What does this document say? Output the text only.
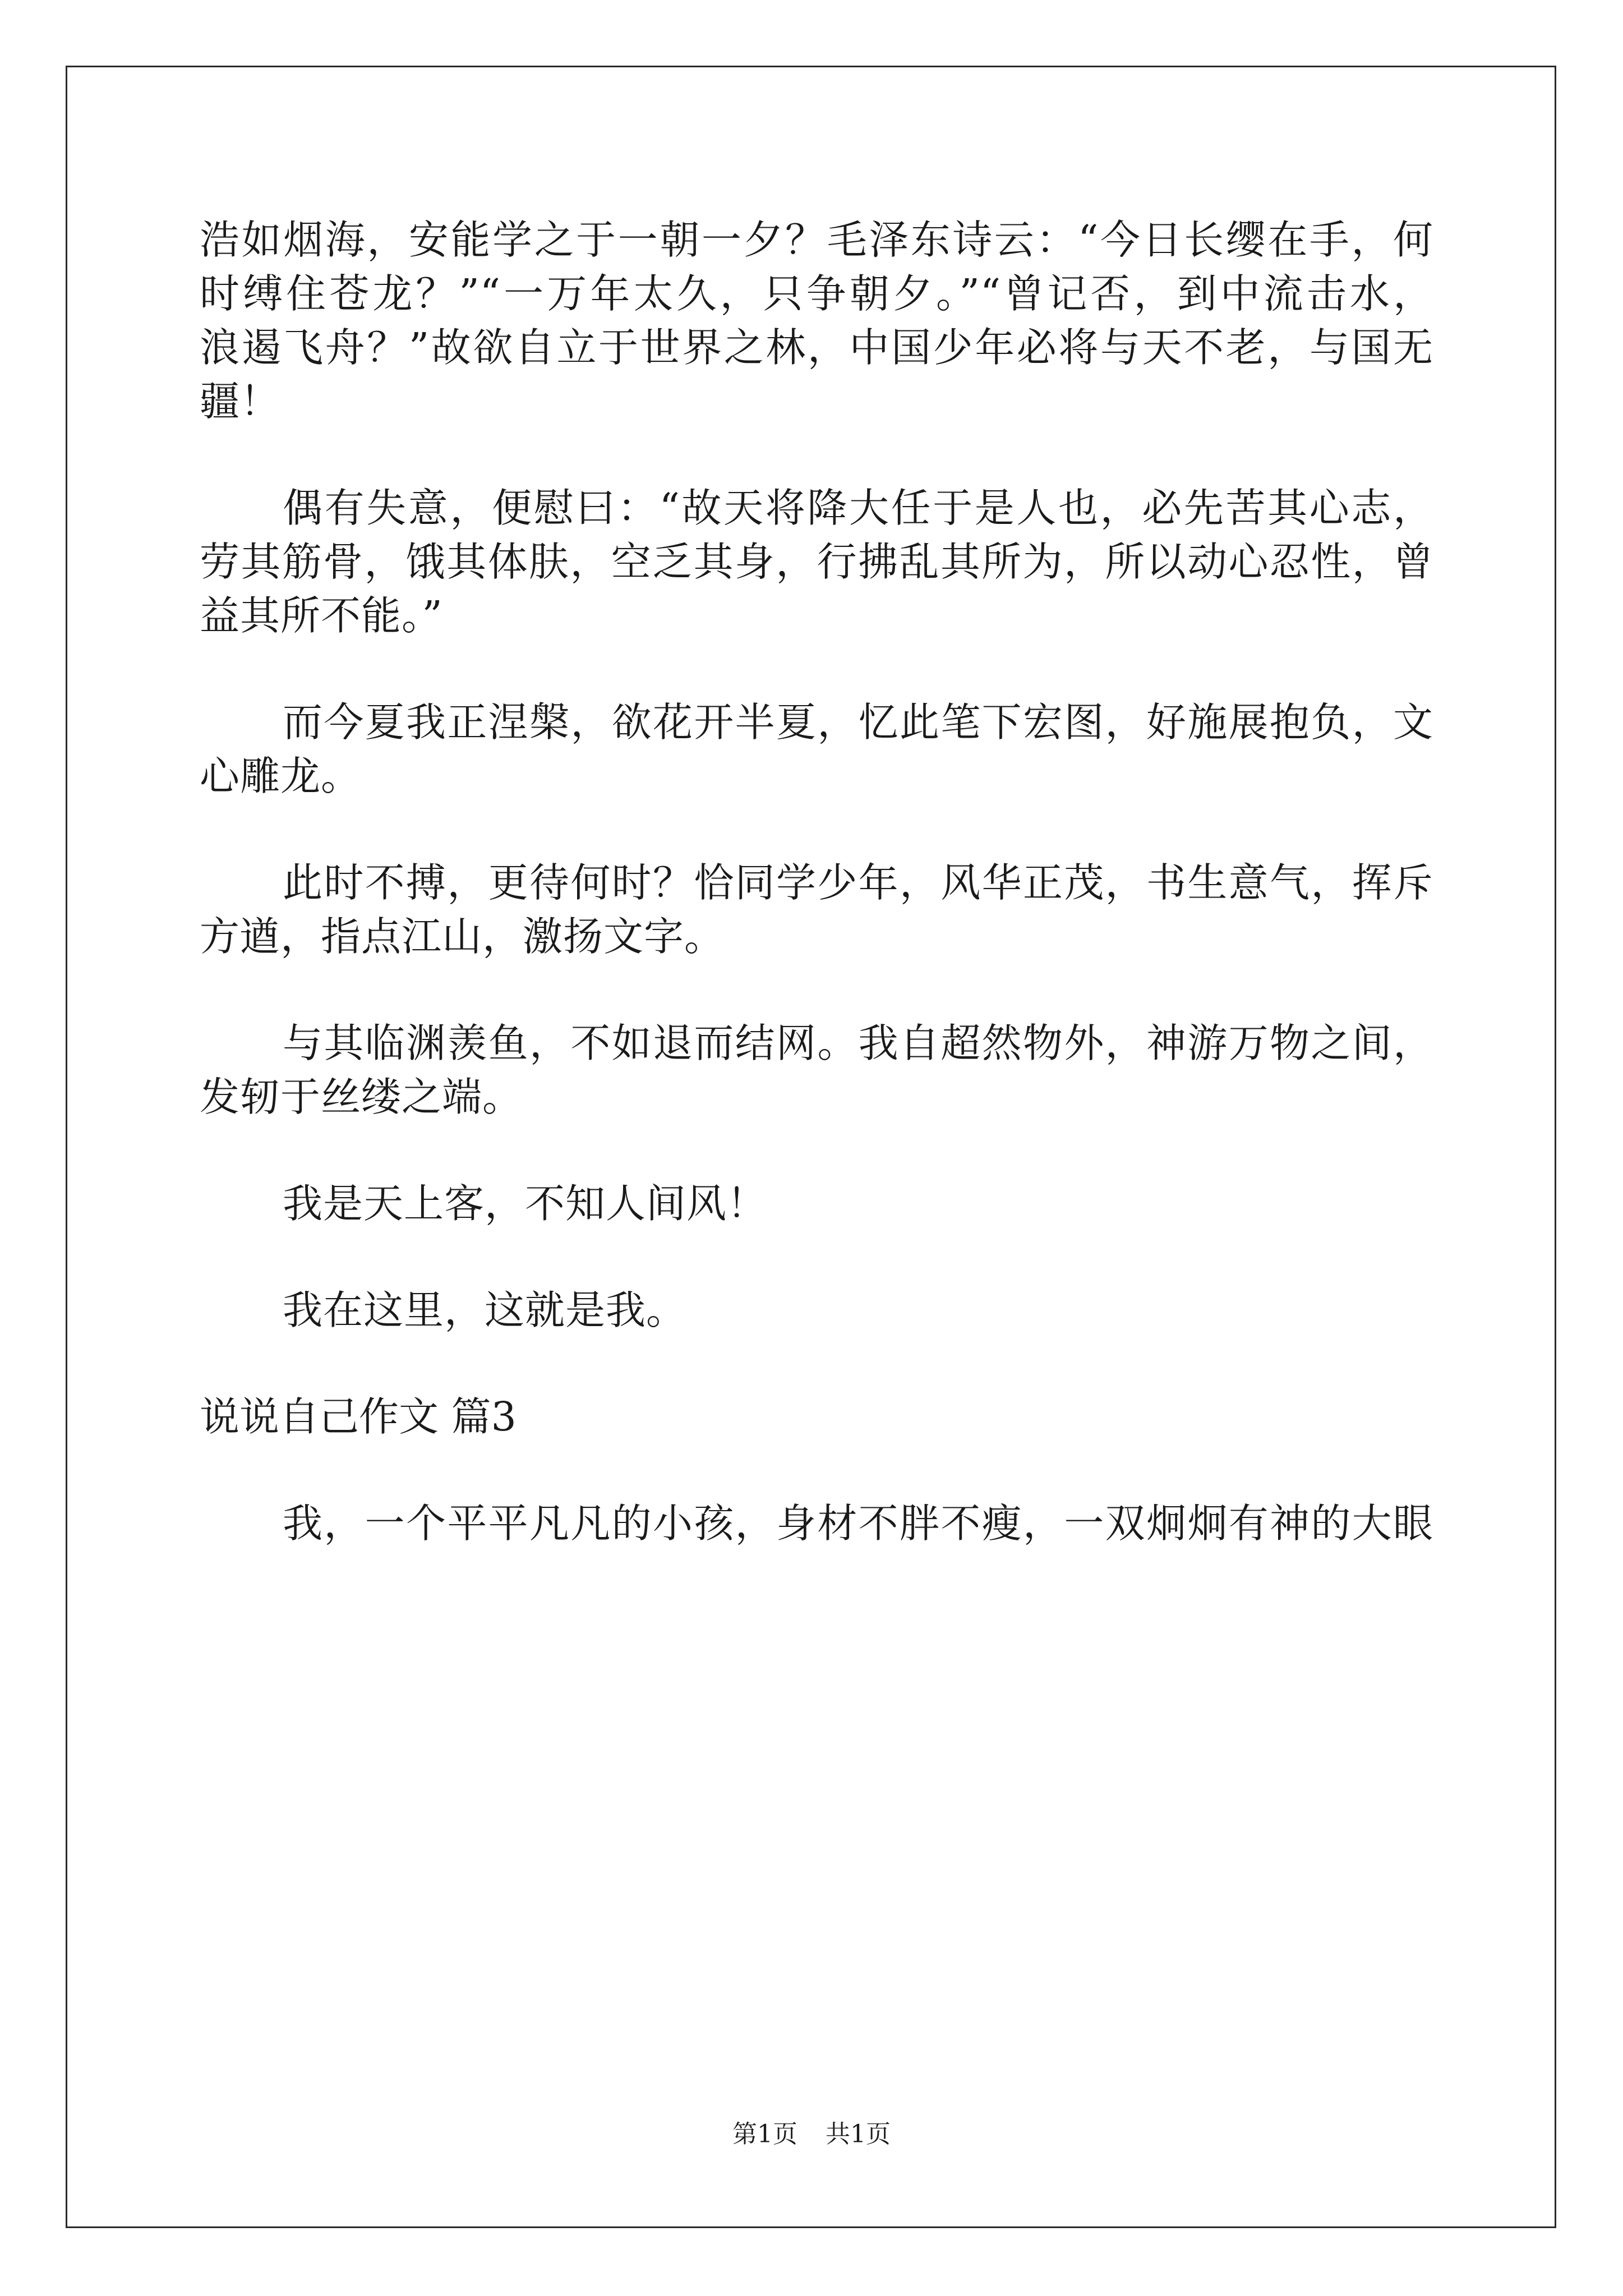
浩如烟海，安能学之于一朝一夕？毛泽东诗云：“今日长缨在手，何

时缚住苍龙？”“一万年太久，只争朝夕。”“曾记否，到中流击水，

浪遏飞舟？”故欲自立于世界之林，中国少年必将与天不老，与国无

疆！

偶有失意，便慰曰：“故天将降大任于是人也，必先苦其心志，

劳其筋骨，饿其体肤，空乏其身，行拂乱其所为，所以动心忍性，曾

益其所不能。”

而今夏我正涅槃，欲花开半夏，忆此笔下宏图，好施展抱负，文

心雕龙。

此时不搏，更待何时？恰同学少年，风华正茂，书生意气，挥斥

方遒，指点江山，激扬文字。

与其临渊羡鱼，不如退而结网。我自超然物外，神游万物之间，

发轫于丝缕之端。

我是天上客，不知人间风！

我在这里，这就是我。

说说自己作文 篇3

我，一个平平凡凡的小孩，身材不胖不瘦，一双炯炯有神的大眼

第1页 共1页
